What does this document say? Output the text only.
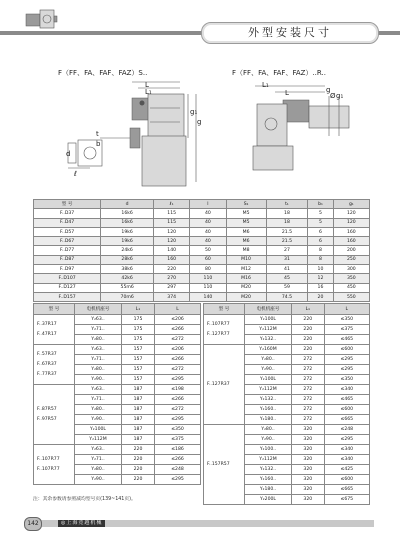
外型安装尺寸
F（FF、FA、FAF、FAZ）S..	F（FF、FA、FAF、FAZ）..R..
L
L₁
d
ℓ
t
b
g₁
g
L₁
L	g
Ø g₁
型 号	d	ℓ₁	l	S₁	t₁	b₁	g₁
F..D37	16k6	115	40	M5	18	5	120
F..D47	16k6	115	40	M5	18	5	120
F..D57	19k6	120	40	M6	21.5	6	160
F..D67	19k6	120	40	M6	21.5	6	160
F..D77	24k6	140	50	M8	27	8	200
F..D87	28k6	160	60	M10	31	8	250
F..D97	38k6	220	80	M12	41	10	300
F..D107	42k6	270	110	M16	45	12	350
F..D127	55m6	297	110	M20	59	16	450
F..D157	70m6	374	140	M20	74.5	20	550
型 号	电机机座号	L₁	L

F..37R17
F..47R17	Y₂63..	175	≤206
	Y₂71..	175	≤266
	Y₂80..	175	≤272

F..57R37
F..67R37
F..77R37	Y₂63..	157	≤206
	Y₂71..	157	≤266
	Y₂80..	157	≤272
	Y₂90..	157	≤295

F..87R57
F..97R57	Y₂63..	187	≤198
	Y₂71..	187	≤266
	Y₂80..	187	≤272
	Y₂90..	187	≤295
	Y₂100L	187	≤350
	Y₂112M	187	≤375

F..107R77
F..107R77	Y₂63..	220	≤186
	Y₂71..	220	≤266
	Y₂80..	220	≤248
	Y₂90..	220	≤295
型 号	电机机座号	L₁	L

F..107R77
F..127R77	Y₂100L	220	≤350
	Y₂112M	220	≤375
	Y₂132..	220	≤465

F..127R37	Y₂160M	220	≤600
	Y₂80..	272	≤295
	Y₂90..	272	≤295
	Y₂100L	272	≤350
	Y₂112M	272	≤340
	Y₂132..	272	≤465
	Y₂160..	272	≤600
	Y₂180..	272	≤665

F..157R57	Y₂80..	320	≤248
	Y₂90..	320	≤295
	Y₂100..	320	≤340
	Y₂112M	320	≤340
	Y₂132..	320	≤425
	Y₂160..	320	≤600
	Y₂180..	320	≤665
	Y₂200L	320	≤675
注：其余参数请参照减均型号页(139~141页)。
142	◎上海竞越机械
